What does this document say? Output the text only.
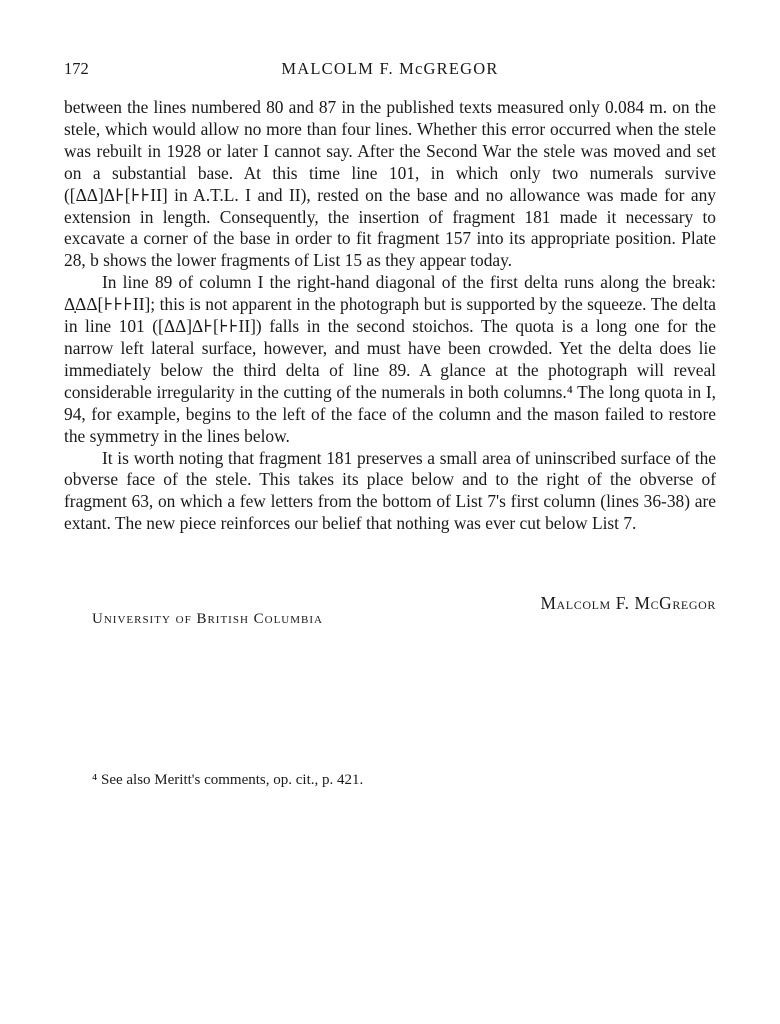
172	MALCOLM F. McGREGOR

between the lines numbered 80 and 87 in the published texts measured only 0.084 m. on the stele, which would allow no more than four lines. Whether this error occurred when the stele was rebuilt in 1928 or later I cannot say. After the Second War the stele was moved and set on a substantial base. At this time line 101, in which only two numerals survive ([ΔΔ]Δ⊦[⊦⊦ΙΙ] in A.T.L. I and II), rested on the base and no allowance was made for any extension in length. Consequently, the insertion of fragment 181 made it necessary to excavate a corner of the base in order to fit fragment 157 into its appropriate position. Plate 28, b shows the lower fragments of List 15 as they appear today.

In line 89 of column I the right-hand diagonal of the first delta runs along the break: Δ̣ΔΔ[⊦⊦⊦ΙΙ]; this is not apparent in the photograph but is supported by the squeeze. The delta in line 101 ([ΔΔ]Δ⊦[⊦⊦ΙΙ]) falls in the second stoichos. The quota is a long one for the narrow left lateral surface, however, and must have been crowded. Yet the delta does lie immediately below the third delta of line 89. A glance at the photograph will reveal considerable irregularity in the cutting of the numerals in both columns.⁴ The long quota in I, 94, for example, begins to the left of the face of the column and the mason failed to restore the symmetry in the lines below.

It is worth noting that fragment 181 preserves a small area of uninscribed surface of the obverse face of the stele. This takes its place below and to the right of the obverse of fragment 63, on which a few letters from the bottom of List 7's first column (lines 36-38) are extant. The new piece reinforces our belief that nothing was ever cut below List 7.

Malcolm F. McGregor
University of British Columbia
⁴ See also Meritt's comments, op. cit., p. 421.
